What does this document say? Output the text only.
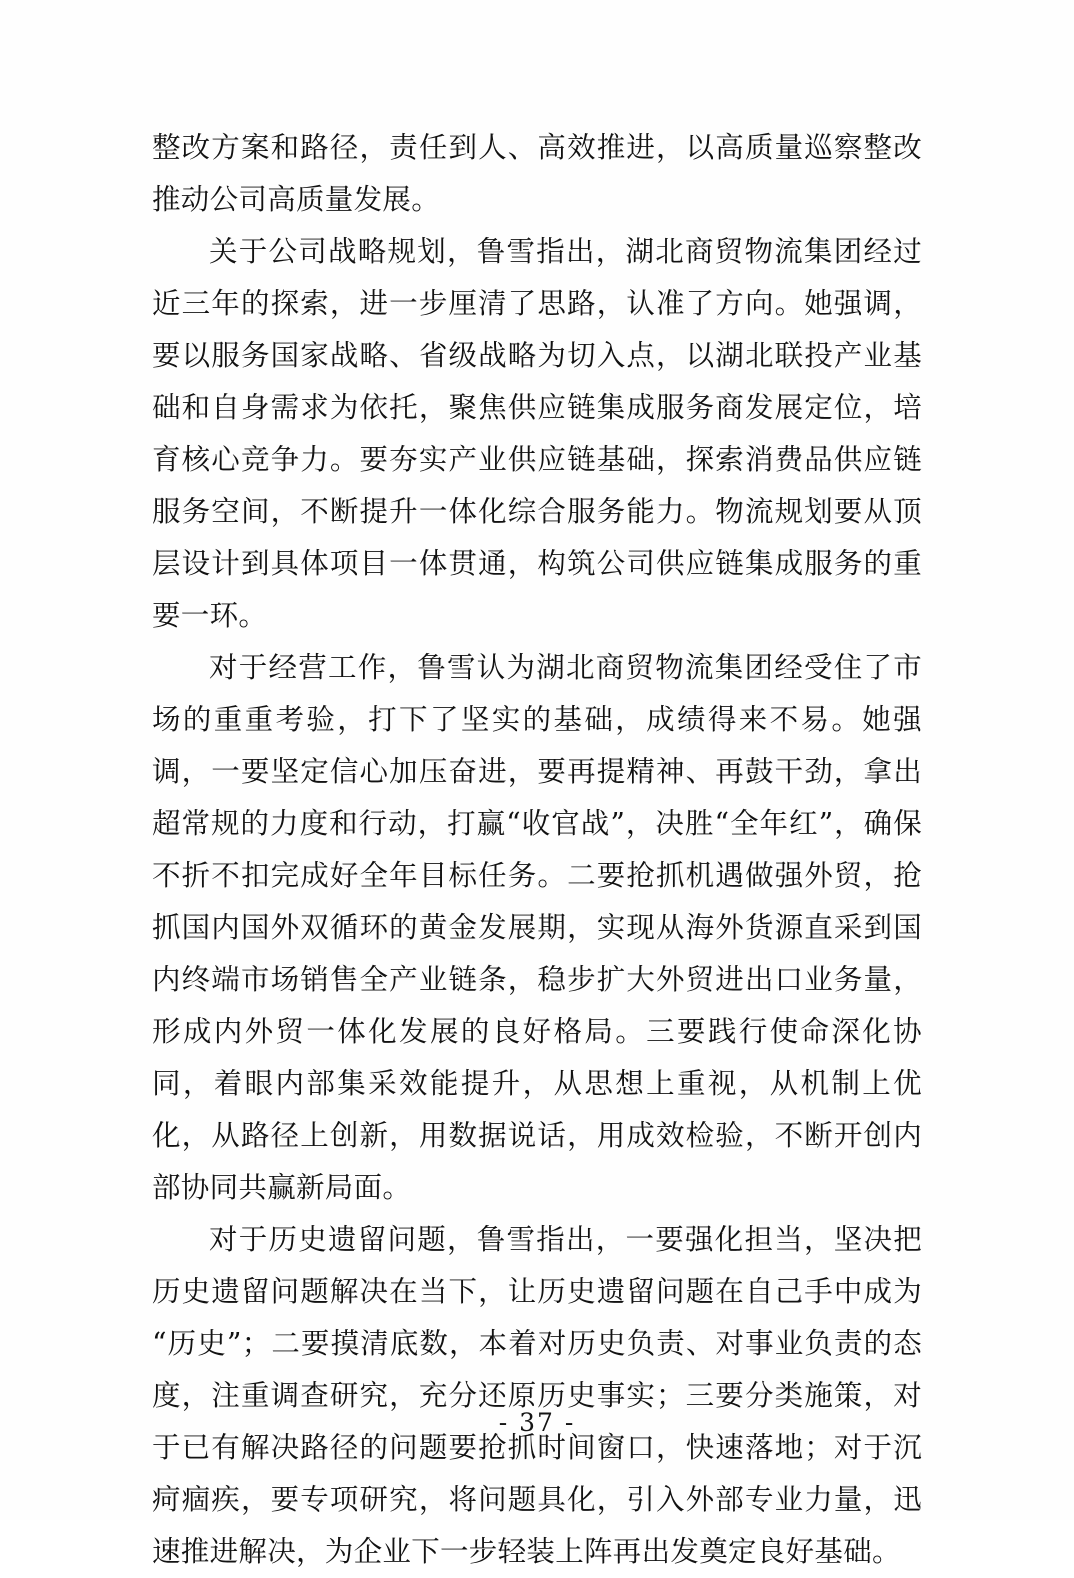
整改方案和路径，责任到人、高效推进，以高质量巡察整改推动公司高质量发展。

关于公司战略规划，鲁雪指出，湖北商贸物流集团经过近三年的探索，进一步厘清了思路，认准了方向。她强调，要以服务国家战略、省级战略为切入点，以湖北联投产业基础和自身需求为依托，聚焦供应链集成服务商发展定位，培育核心竞争力。要夯实产业供应链基础，探索消费品供应链服务空间，不断提升一体化综合服务能力。物流规划要从顶层设计到具体项目一体贯通，构筑公司供应链集成服务的重要一环。

对于经营工作，鲁雪认为湖北商贸物流集团经受住了市场的重重考验，打下了坚实的基础，成绩得来不易。她强调，一要坚定信心加压奋进，要再提精神、再鼓干劲，拿出超常规的力度和行动，打赢“收官战”，决胜“全年红”，确保不折不扣完成好全年目标任务。二要抢抓机遇做强外贸，抢抓国内国外双循环的黄金发展期，实现从海外货源直采到国内终端市场销售全产业链条，稳步扩大外贸进出口业务量，形成内外贸一体化发展的良好格局。三要践行使命深化协同，着眼内部集采效能提升，从思想上重视，从机制上优化，从路径上创新，用数据说话，用成效检验，不断开创内部协同共赢新局面。

对于历史遗留问题，鲁雪指出，一要强化担当，坚决把历史遗留问题解决在当下，让历史遗留问题在自己手中成为“历史”；二要摸清底数，本着对历史负责、对事业负责的态度，注重调查研究，充分还原历史事实；三要分类施策，对于已有解决路径的问题要抢抓时间窗口，快速落地；对于沉疴痼疾，要专项研究，将问题具化，引入外部专业力量，迅速推进解决，为企业下一步轻装上阵再出发奠定良好基础。

- 37 -
